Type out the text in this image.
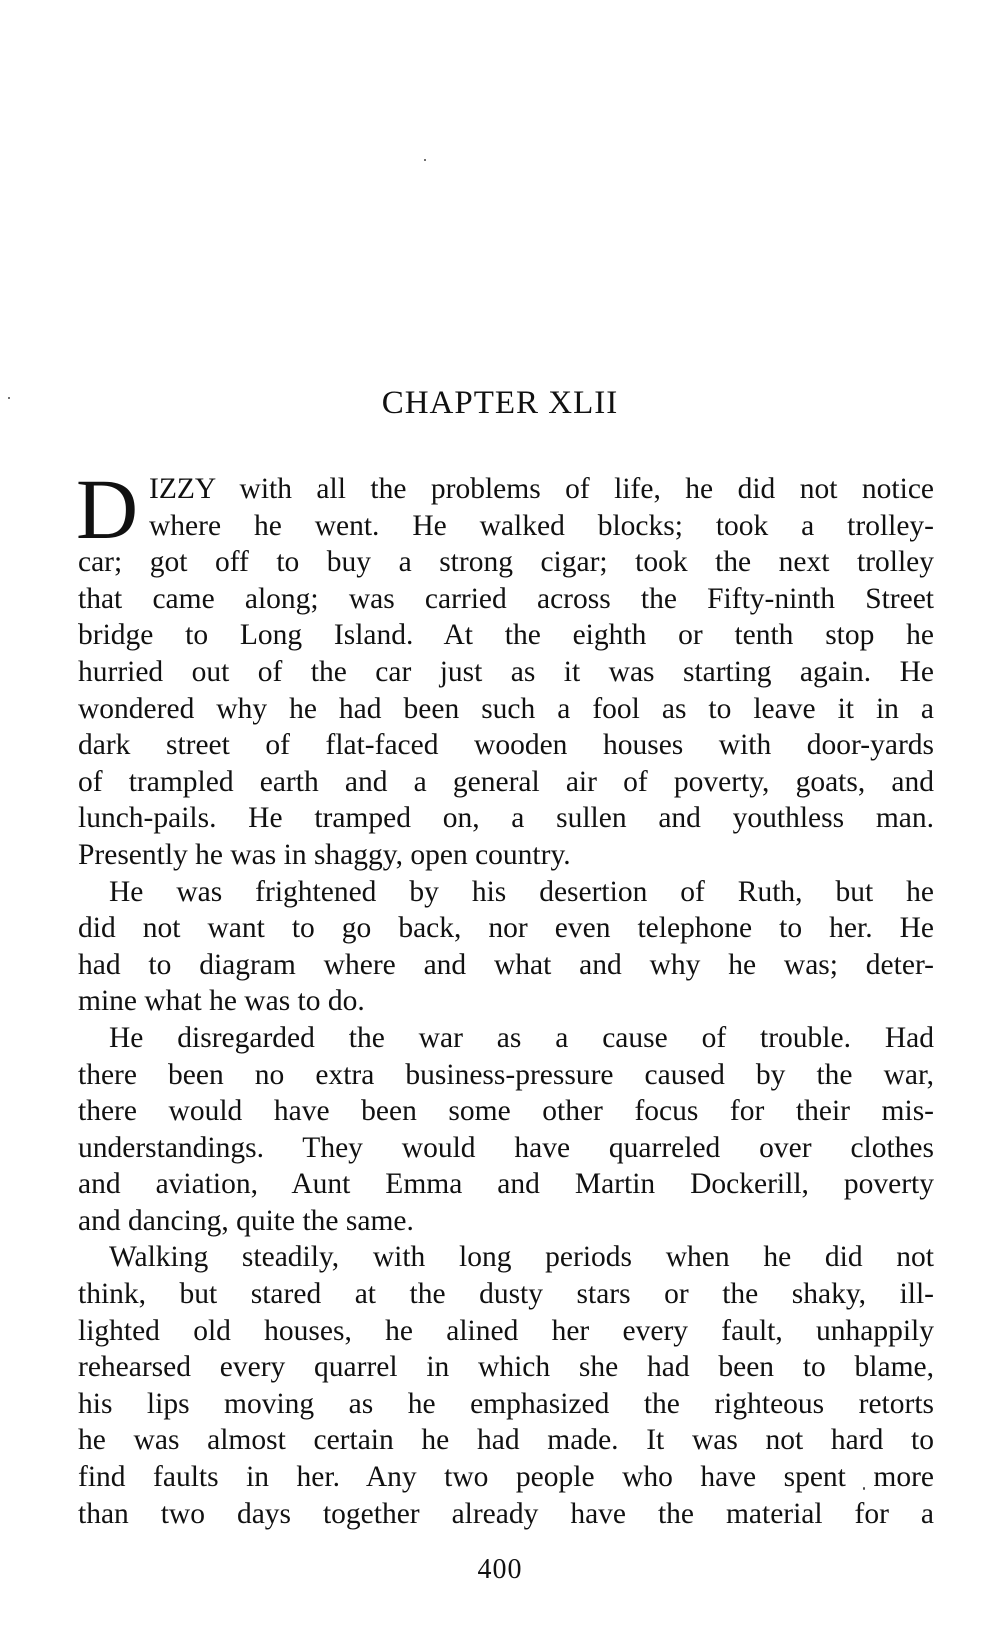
CHAPTER XLII
D IZZY with all the problems of life, he did not notice
where he went. He walked blocks; took a trolley-
car; got off to buy a strong cigar; took the next trolley
that came along; was carried across the Fifty-ninth Street
bridge to Long Island. At the eighth or tenth stop he
hurried out of the car just as it was starting again. He
wondered why he had been such a fool as to leave it in a
dark street of flat-faced wooden houses with door-yards
of trampled earth and a general air of poverty, goats, and
lunch-pails. He tramped on, a sullen and youthless man.
Presently he was in shaggy, open country.
He was frightened by his desertion of Ruth, but he
did not want to go back, nor even telephone to her. He
had to diagram where and what and why he was; deter-
mine what he was to do.
He disregarded the war as a cause of trouble. Had
there been no extra business-pressure caused by the war,
there would have been some other focus for their mis-
understandings. They would have quarreled over clothes
and aviation, Aunt Emma and Martin Dockerill, poverty
and dancing, quite the same.
Walking steadily, with long periods when he did not
think, but stared at the dusty stars or the shaky, ill-
lighted old houses, he alined her every fault, unhappily
rehearsed every quarrel in which she had been to blame,
his lips moving as he emphasized the righteous retorts
he was almost certain he had made. It was not hard to
find faults in her. Any two people who have spent more
than two days together already have the material for a
400
